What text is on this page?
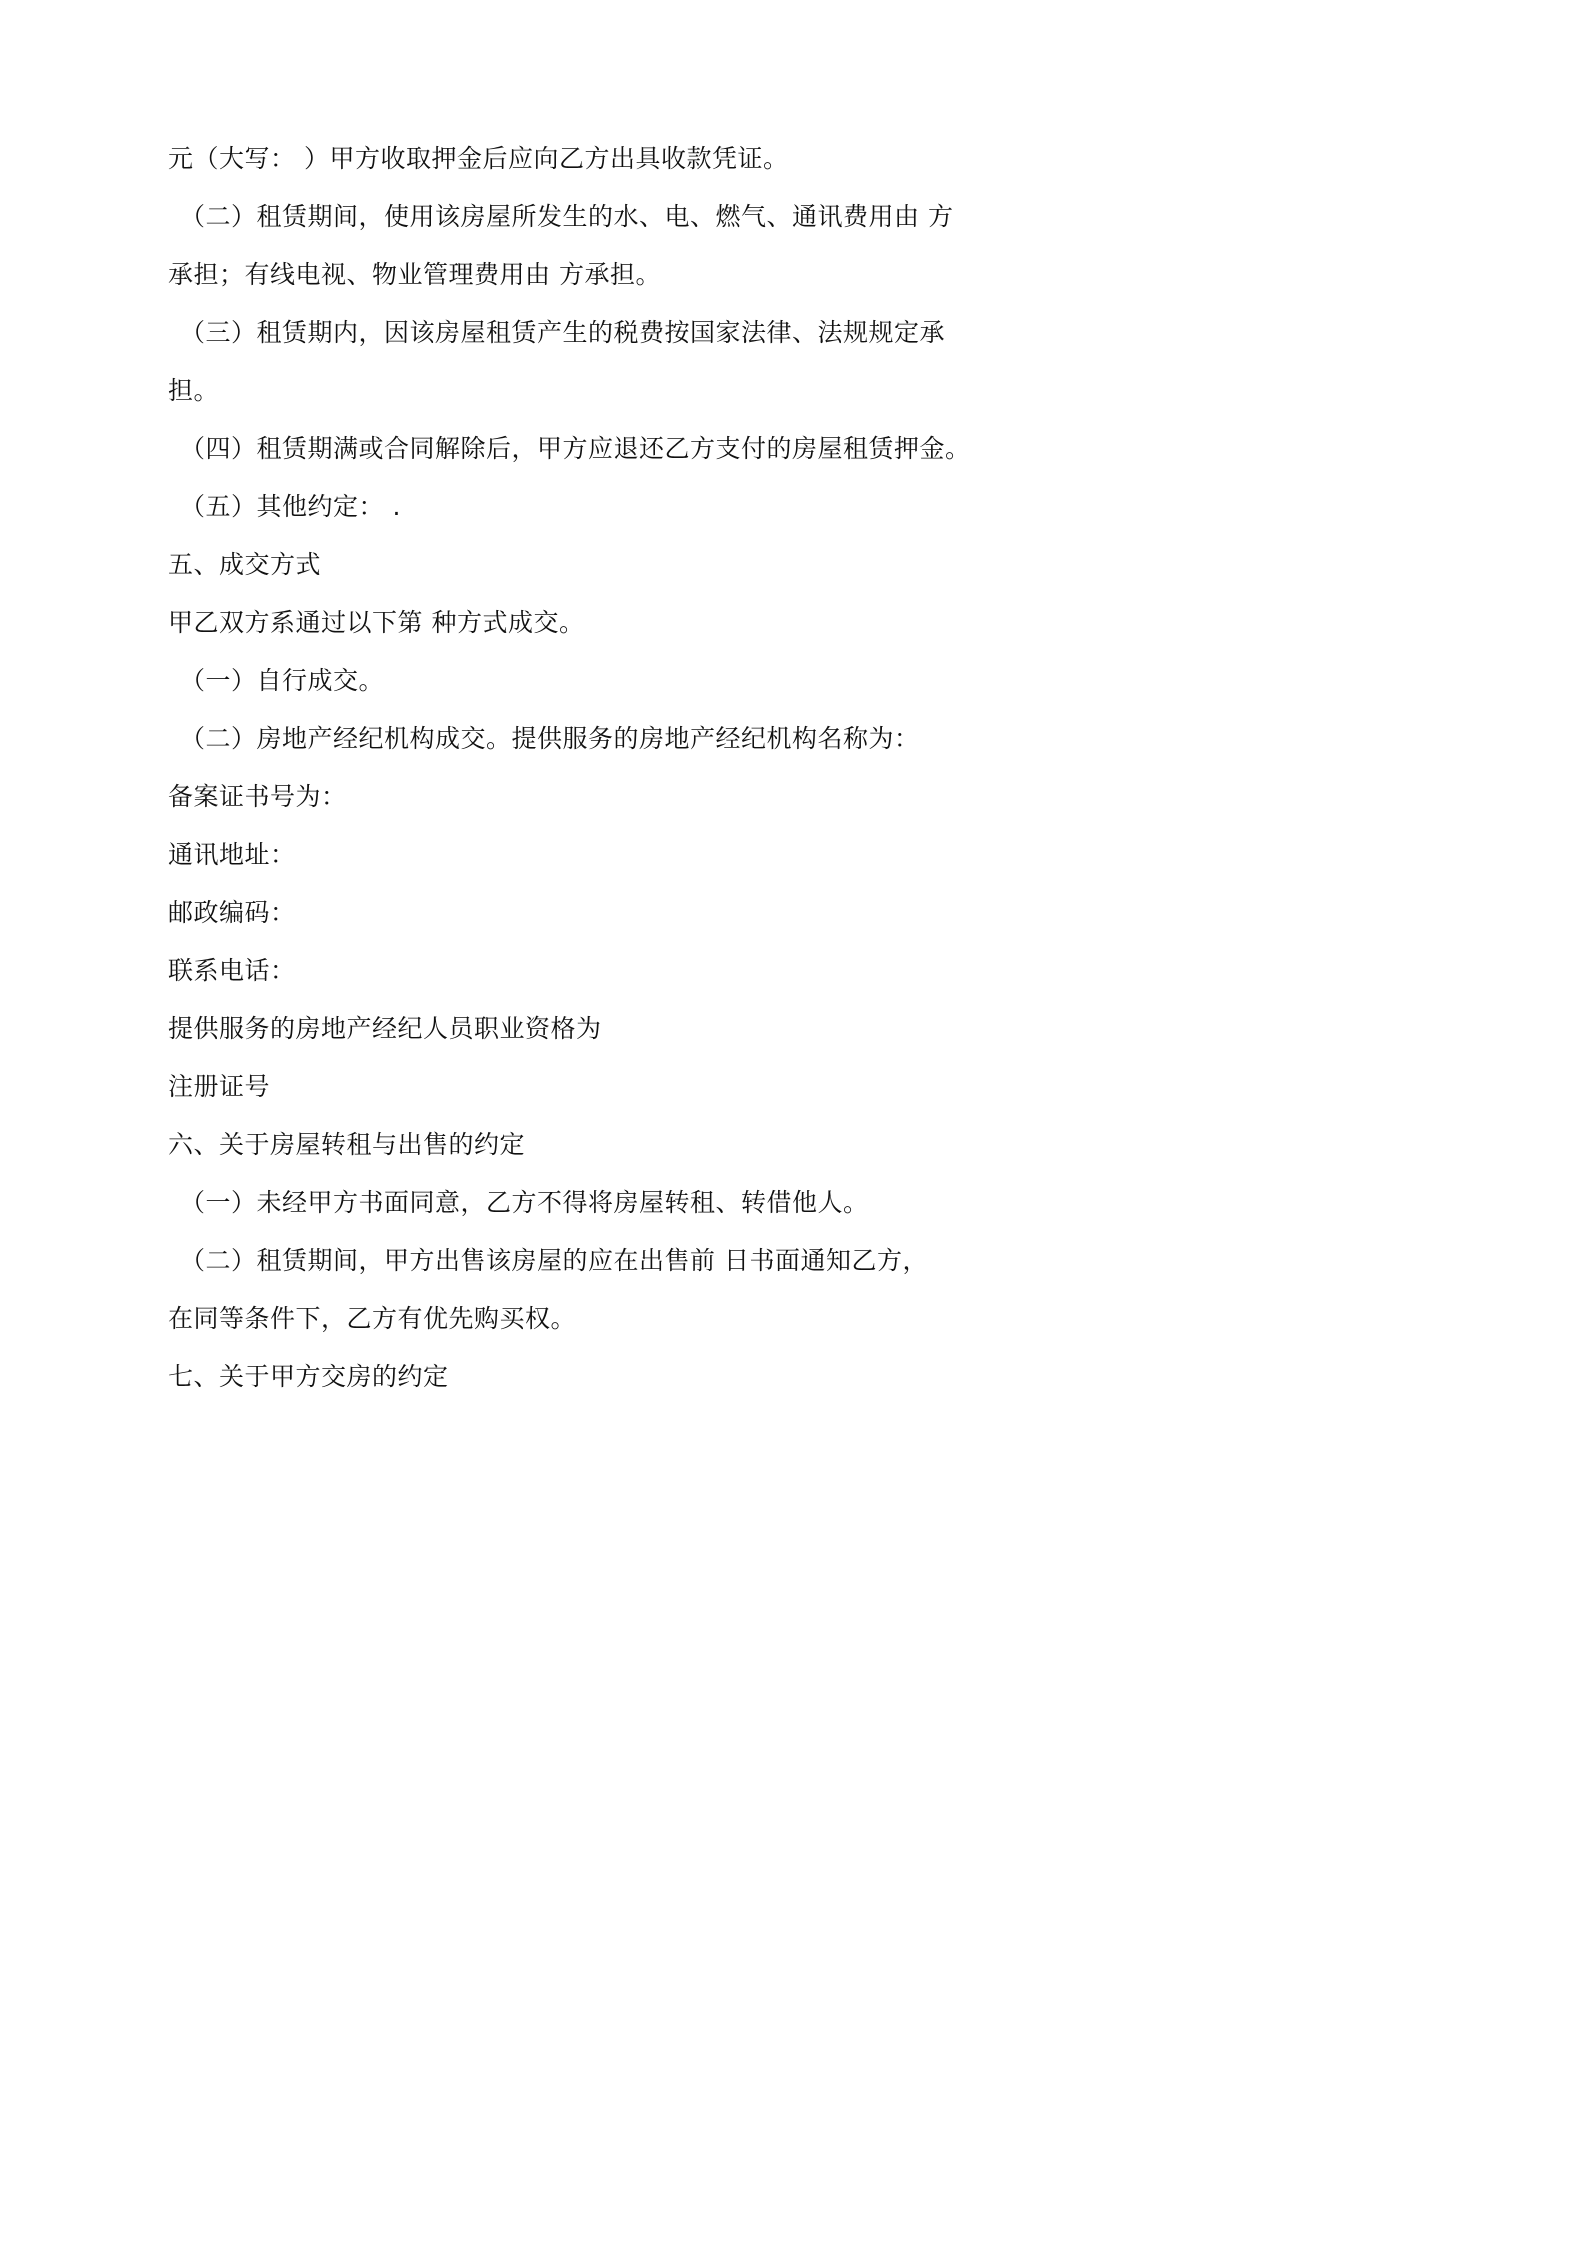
元（大写： ）甲方收取押金后应向乙方出具收款凭证。
（二）租赁期间，使用该房屋所发生的水、电、燃气、通讯费用由 方
承担；有线电视、物业管理费用由 方承担。
（三）租赁期内，因该房屋租赁产生的税费按国家法律、法规规定承
担。
（四）租赁期满或合同解除后，甲方应退还乙方支付的房屋租赁押金。
（五）其他约定： .
五、成交方式
甲乙双方系通过以下第 种方式成交。
（一）自行成交。
（二）房地产经纪机构成交。提供服务的房地产经纪机构名称为：
备案证书号为：
通讯地址：
邮政编码：
联系电话：
提供服务的房地产经纪人员职业资格为
注册证号
六、关于房屋转租与出售的约定
（一）未经甲方书面同意，乙方不得将房屋转租、转借他人。
（二）租赁期间，甲方出售该房屋的应在出售前 日书面通知乙方，
在同等条件下，乙方有优先购买权。
七、关于甲方交房的约定
